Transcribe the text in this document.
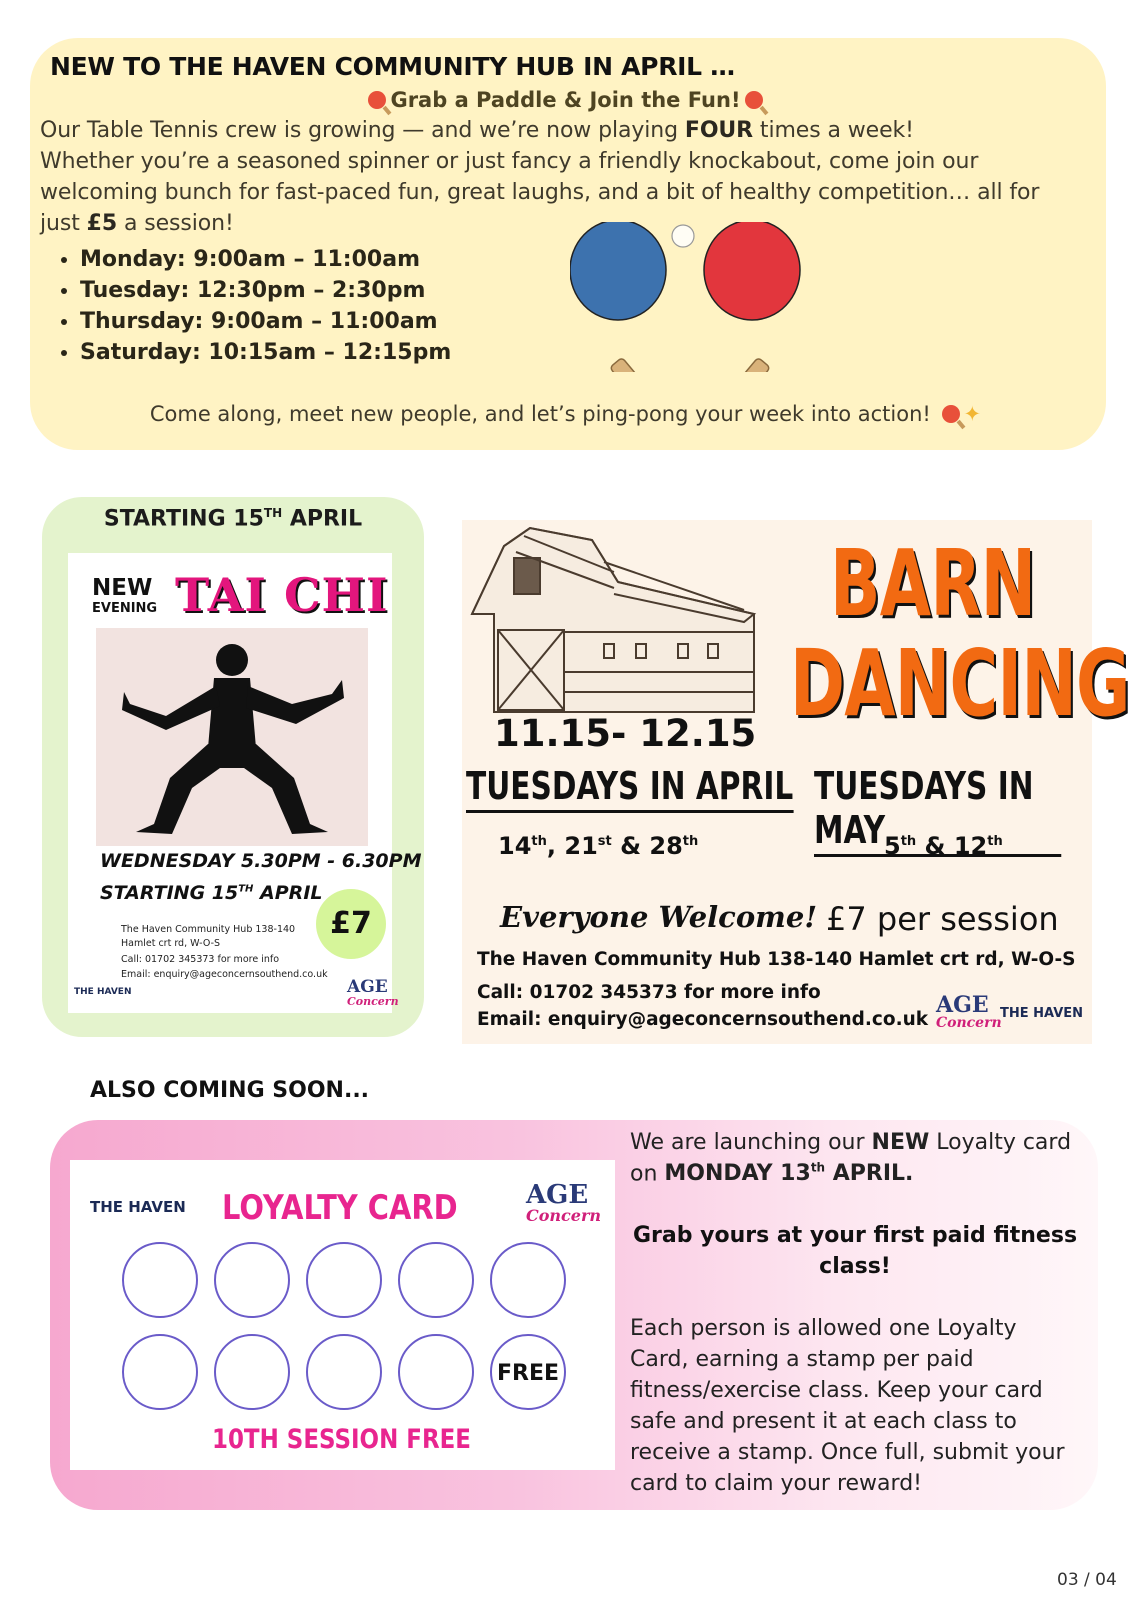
NEW TO THE HAVEN COMMUNITY HUB IN APRIL …
Grab a Paddle & Join the Fun!
Our Table Tennis crew is growing — and we’re now playing FOUR times a week!
Whether you’re a seasoned spinner or just fancy a friendly knockabout, come join our
welcoming bunch for fast-paced fun, great laughs, and a bit of healthy competition… all for
just £5 a session!
• Monday: 9:00am – 11:00am
• Tuesday: 12:30pm – 2:30pm
• Thursday: 9:00am – 11:00am
• Saturday: 10:15am – 12:15pm
Come along, meet new people, and let’s ping-pong your week into action! ✦
STARTING 15TH APRIL
NEW
EVENING TAI CHI
WEDNESDAY 5.30PM - 6.30PM
STARTING 15TH APRIL
£7
The Haven Community Hub 138-140
Hamlet crt rd, W-O-S
Call: 01702 345373 for more info
Email: enquiry@ageconcernsouthend.co.uk
THE HAVEN	AGE
Concern
BARN
DANCING
11.15- 12.15
TUESDAYS IN APRIL TUESDAYS IN MAY
14th, 21st & 28th	5th & 12th
Everyone Welcome! £7 per session
The Haven Community Hub 138-140 Hamlet crt rd, W-O-S
Call: 01702 345373 for more info
Email: enquiry@ageconcernsouthend.co.uk
AGE
Concern
THE HAVEN
ALSO COMING SOON...
THE HAVEN LOYALTY CARD	AGE
Concern
FREE
10TH SESSION FREE
We are launching our NEW Loyalty card
on MONDAY 13th APRIL.
Grab yours at your first paid fitness
class!
Each person is allowed one Loyalty
Card, earning a stamp per paid
fitness/exercise class. Keep your card
safe and present it at each class to
receive a stamp. Once full, submit your
card to claim your reward!
03 / 04
